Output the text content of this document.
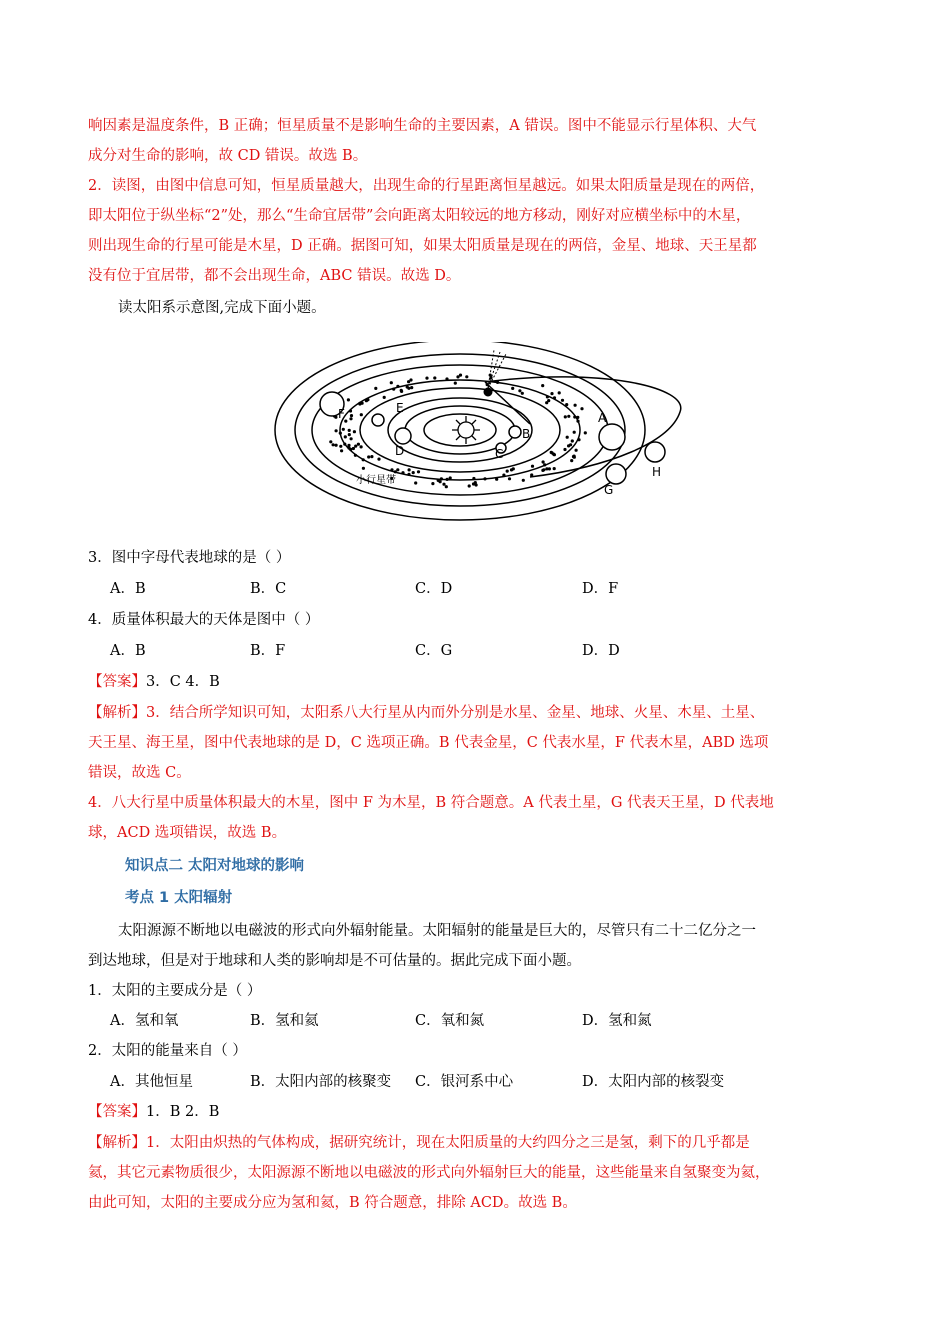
响因素是温度条件，B 正确；恒星质量不是影响生命的主要因素，A 错误。图中不能显示行星体积、大气
成分对生命的影响，故 CD 错误。故选 B。
2．读图，由图中信息可知，恒星质量越大，出现生命的行星距离恒星越远。如果太阳质量是现在的两倍，
即太阳位于纵坐标“2”处，那么“生命宜居带”会向距离太阳较远的地方移动，刚好对应横坐标中的木星，
则出现生命的行星可能是木星，D 正确。据图可知，如果太阳质量是现在的两倍，金星、地球、天王星都
没有位于宜居带，都不会出现生命，ABC 错误。故选 D。
读太阳系示意图,完成下面小题。
F	E
D
B
C
A
G
H
小行星带
3．图中字母代表地球的是（ ）
A．B	B．C	C．D	D．F
4．质量体积最大的天体是图中（ ）
A．B	B．F	C．G	D．D
【答案】3．C 4．B
【解析】3．结合所学知识可知，太阳系八大行星从内而外分别是水星、金星、地球、火星、木星、土星、
天王星、海王星，图中代表地球的是 D，C 选项正确。B 代表金星，C 代表水星，F 代表木星，ABD 选项
错误，故选 C。
4．八大行星中质量体积最大的木星，图中 F 为木星，B 符合题意。A 代表土星，G 代表天王星，D 代表地
球，ACD 选项错误，故选 B。
知识点二 太阳对地球的影响
考点 1 太阳辐射
太阳源源不断地以电磁波的形式向外辐射能量。太阳辐射的能量是巨大的，尽管只有二十二亿分之一
到达地球，但是对于地球和人类的影响却是不可估量的。据此完成下面小题。
1．太阳的主要成分是（ ）
A．氢和氧	B．氢和氦	C．氧和氮	D．氢和氮
2．太阳的能量来自（ ）
A．其他恒星	B．太阳内部的核聚变 C．银河系中心	D．太阳内部的核裂变
【答案】1．B 2．B
【解析】1．太阳由炽热的气体构成，据研究统计，现在太阳质量的大约四分之三是氢，剩下的几乎都是
氦，其它元素物质很少，太阳源源不断地以电磁波的形式向外辐射巨大的能量，这些能量来自氢聚变为氦，
由此可知，太阳的主要成分应为氢和氦，B 符合题意，排除 ACD。故选 B。
